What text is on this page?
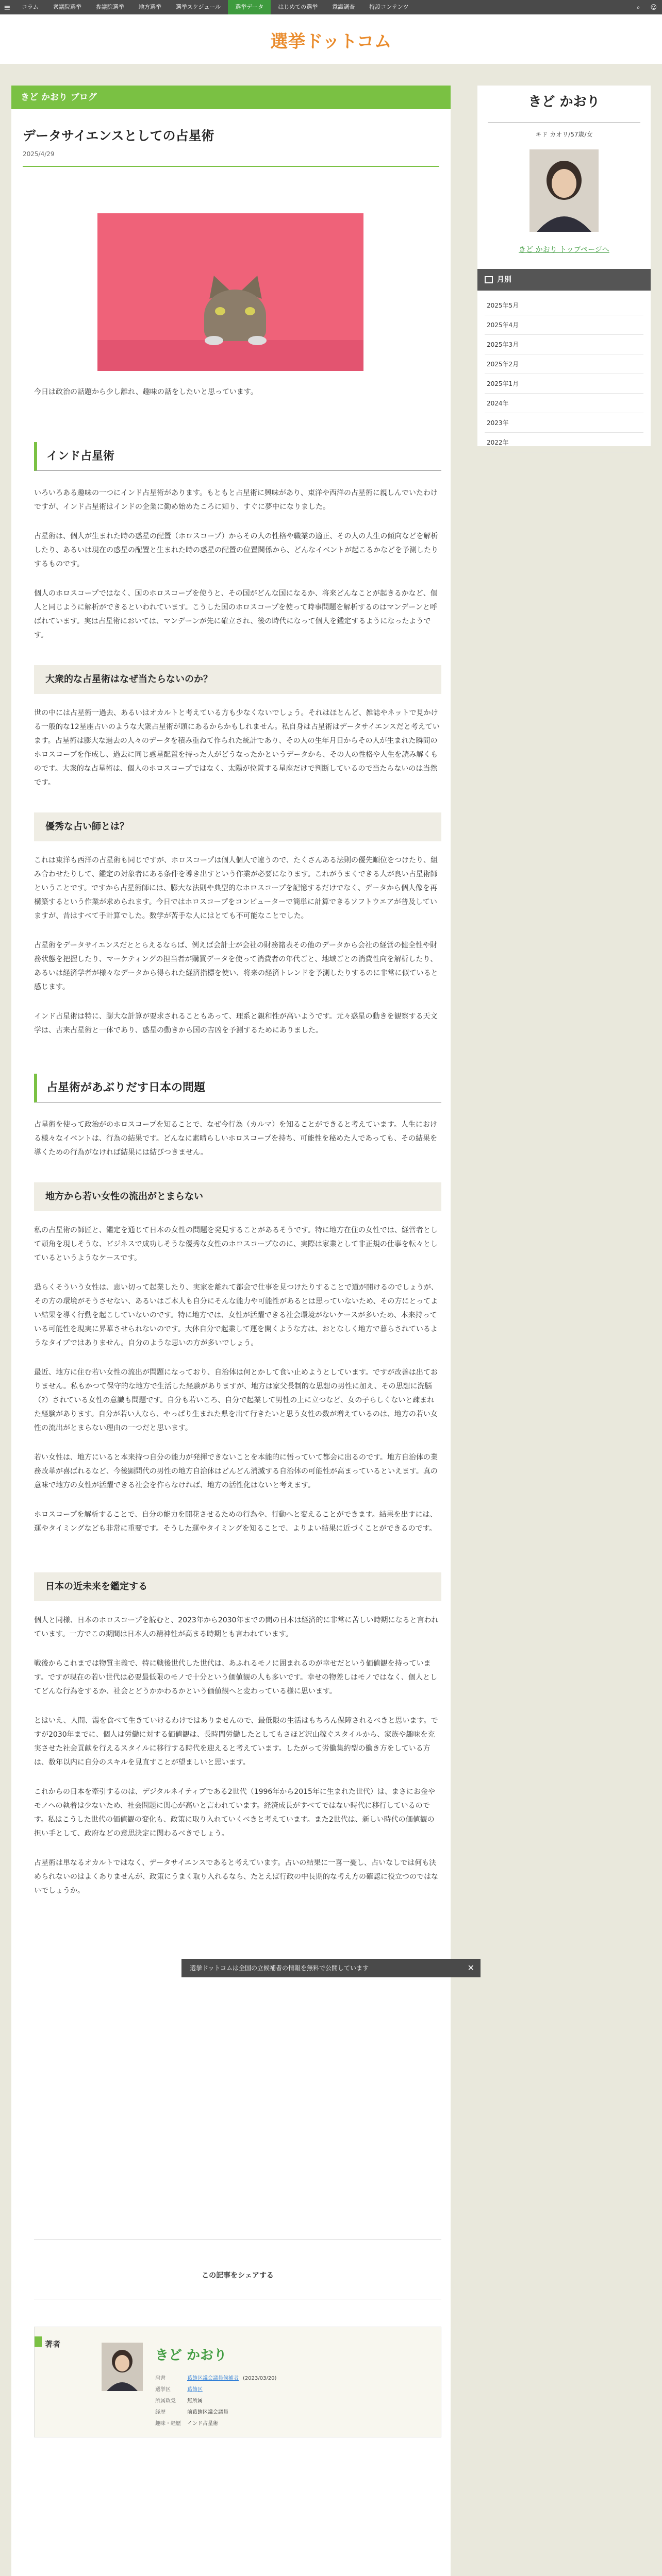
≡	コラム	衆議院選挙	参議院選挙	地方選挙	選挙スケジュール	選挙データ	はじめての選挙	意識調査	特設コンテンツ	⌕	☺
選挙ドットコム
きど かおり ブログ
データサイエンスとしての占星術
2025/4/29
今日は政治の話題から少し離れ、趣味の話をしたいと思っています。
インド占星術
いろいろある趣味の一つにインド占星術があります。もともと占星術に興味があり、東洋や西洋の占星術に親しんでいたわけですが、インド占星術はインドの企業に勤め始めたころに知り、すぐに夢中になりました。
占星術は、個人が生まれた時の惑星の配置（ホロスコープ）からその人の性格や職業の適正、その人の人生の傾向などを解析したり、あるいは現在の惑星の配置と生まれた時の惑星の配置の位置関係から、どんなイベントが起こるかなどを予測したりするものです。
個人のホロスコープではなく、国のホロスコープを使うと、その国がどんな国になるか、将来どんなことが起きるかなど、個人と同じように解析ができるといわれています。こうした国のホロスコープを使って時事問題を解析するのはマンデーンと呼ばれています。実は占星術においては、マンデーンが先に確立され、後の時代になって個人を鑑定するようになったようです。
大衆的な占星術はなぜ当たらないのか？
世の中には占星術一過去、あるいはオカルトと考えている方も少なくないでしょう。それはほとんど、雑誌やネットで見かける一般的な12星座占いのような大衆占星術が頭にあるからかもしれません。私自身は占星術はデータサイエンスだと考えています。占星術は膨大な過去の人々のデータを積み重ねて作られた統計であり、その人の生年月日からその人が生まれた瞬間のホロスコープを作成し、過去に同じ惑星配置を持った人がどうなったかというデータから、その人の性格や人生を読み解くものです。大衆的な占星術は、個人のホロスコープではなく、太陽が位置する星座だけで判断しているので当たらないのは当然です。
優秀な占い師とは？
これは東洋も西洋の占星術も同じですが、ホロスコープは個人個人で違うので、たくさんある法則の優先順位をつけたり、組み合わせたりして、鑑定の対象者にある条件を導き出すという作業が必要になります。これがうまくできる人が良い占星術師ということです。ですから占星術師には、膨大な法則や典型的なホロスコープを記憶するだけでなく、データから個人像を再構築するという作業が求められます。今日ではホロスコープをコンピューターで簡単に計算できるソフトウエアが普及していますが、昔はすべて手計算でした。数学が苦手な人にはとても不可能なことでした。
占星術をデータサイエンスだととらえるならば、例えば会計士が会社の財務諸表その他のデータから会社の経営の健全性や財務状態を把握したり、マーケティングの担当者が購買データを使って消費者の年代ごと、地域ごとの消費性向を解析したり、あるいは経済学者が様々なデータから得られた経済指標を使い、将来の経済トレンドを予測したりするのに非常に似ていると感じます。
インド占星術は特に、膨大な計算が要求されることもあって、理系と親和性が高いようです。元々惑星の動きを観察する天文学は、古来占星術と一体であり、惑星の動きから国の吉凶を予測するためにありました。
占星術があぶりだす日本の問題
占星術を使って政治がのホロスコープを知ることで、なぜ今行為（カルマ）を知ることができると考えています。人生における様々なイベントは、行為の結果です。どんなに素晴らしいホロスコープを持ち、可能性を秘めた人であっても、その結果を導くための行為がなければ結果には結びつきません。
地方から若い女性の流出がとまらない
私の占星術の師匠と、鑑定を通じて日本の女性の問題を発見することがあるそうです。特に地方在住の女性では、経営者として頭角を現しそうな、ビジネスで成功しそうな優秀な女性のホロスコープなのに、実際は家業として非正規の仕事を転々としているというようなケースです。
恐らくそういう女性は、恵い切って起業したり、実家を離れて都会で仕事を見つけたりすることで道が開けるのでしょうが、その方の環境がそうさせない、あるいはご本人も自分にそんな能力や可能性があるとは思っていないため、その方にとってよい結果を導く行動を起こしていないのです。特に地方では、女性が活躍できる社会環境がないケースが多いため、本来持っている可能性を現実に昇華させられないのです。大体自分で起業して運を開くような方は、おとなしく地方で暮らされているようなタイプではありません。自分のような思いの方が多いでしょう。
最近、地方に住む若い女性の流出が問題になっており、自治体は何とかして食い止めようとしています。ですが改善は出ておりません。私もかつて保守的な地方で生活した経験がありますが、地方は家父長制的な思想の男性に加え、その思想に洗脳（?）されている女性の意識も問題です。自分も若いころ、自分で起業して男性の上に立つなど、女の子らしくないと疎まれた経験があります。自分が若い人なら、やっぱり生まれた県を出て行きたいと思う女性の数が増えているのは、地方の若い女性の流出がとまらない理由の一つだと思います。
若い女性は、地方にいると本来持つ自分の能力が発揮できないことを本能的に悟っていて都会に出るのです。地方自治体の業務改革が喜ばれるなど、今後顕問代の男性の地方自治体はどんどん消滅する自治体の可能性が高まっているといえます。真の意味で地方の女性が活躍できる社会を作らなければ、地方の活性化はないと考えます。
ホロスコープを解析することで、自分の能力を開花させるための行為や、行動へと変えることができます。結果を出すには、運やタイミングなども非常に重要です。そうした運やタイミングを知ることで、よりよい結果に近づくことができるのです。
日本の近未来を鑑定する
個人と同様、日本のホロスコープを読むと、2023年から2030年までの間の日本は経済的に非常に苦しい時期になると言われています。一方でこの期間は日本人の精神性が高まる時期とも言われています。
戦後からこれまでは物質主義で、特に戦後世代した世代は、あふれるモノに囲まれるのが幸せだという価値観を持っています。ですが現在の若い世代は必要最低限のモノで十分という価値観の人も多いです。幸せの物差しはモノではなく、個人としてどんな行為をするか、社会とどうかかわるかという価値観へと変わっている様に思います。
とはいえ、人間、霞を食べて生きていけるわけではありませんので、最低限の生活はもちろん保障されるべきと思います。ですが2030年までに、個人は労働に対する価値観は、長時間労働したとしてもさほど沢山稼ぐスタイルから、家族や趣味を充実させた社会貢献を行えるスタイルに移行する時代を迎えると考えています。したがって労働集約型の働き方をしている方は、数年以内に自分のスキルを見直すことが望ましいと思います。
これからの日本を牽引するのは、デジタルネイティブである2世代（1996年から2015年に生まれた世代）は、まさにお金やモノへの執着は少ないため、社会問題に関心が高いと言われています。経済成長がすべてではない時代に移行しているのです。私はこうした世代の価値観の変化も、政策に取り入れていくべきと考えています。また2世代は、新しい時代の価値観の担い手として、政府などの意思決定に関わるべきでしょう。
占星術は単なるオカルトではなく、データサイエンスであると考えています。占いの結果に一喜一憂し、占いなしでは何も決められないのはよくありませんが、政策にうまく取り入れるなら、たとえば行政の中長期的な考え方の確認に役立つのではないでしょうか。
この記事をシェアする
著者
きど かおり
肩書	葛飾区議会議員候補者 (2023/03/20)
選挙区	葛飾区
所属政党 無所属
経歴	前葛飾区議会議員
趣味・経歴 インド占星術
きど かおり
キド カオリ/57歳/女
きど かおり トップページへ
月別
2025年5月
2025年4月
2025年3月
2025年2月
2025年1月
2024年
2023年
2022年
選挙ドットコムは全国の立候補者の情報を無料で公開しています	✕
